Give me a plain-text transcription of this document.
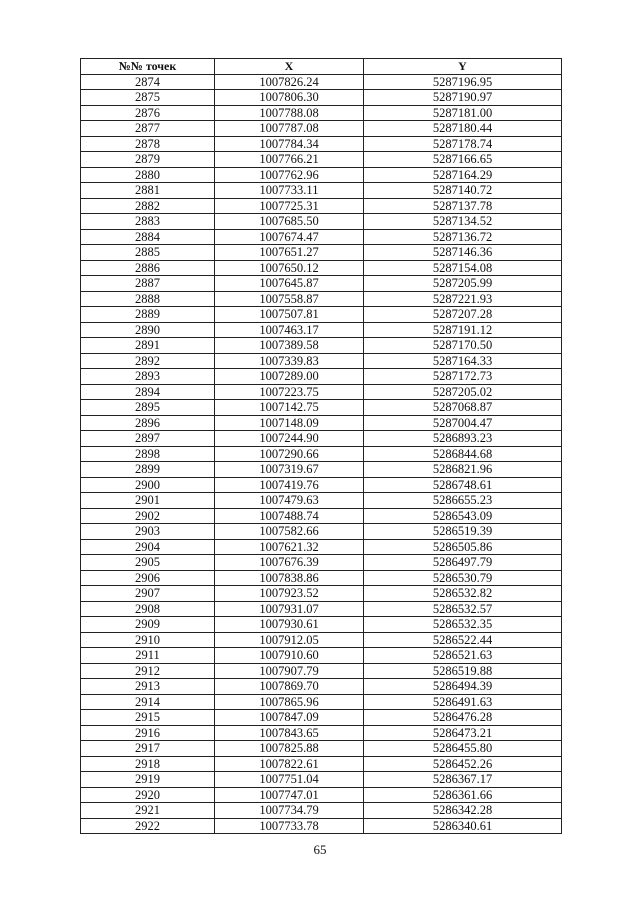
№№ точек	X	Y
2874	1007826.24	5287196.95
2875	1007806.30	5287190.97
2876	1007788.08	5287181.00
2877	1007787.08	5287180.44
2878	1007784.34	5287178.74
2879	1007766.21	5287166.65
2880	1007762.96	5287164.29
2881	1007733.11	5287140.72
2882	1007725.31	5287137.78
2883	1007685.50	5287134.52
2884	1007674.47	5287136.72
2885	1007651.27	5287146.36
2886	1007650.12	5287154.08
2887	1007645.87	5287205.99
2888	1007558.87	5287221.93
2889	1007507.81	5287207.28
2890	1007463.17	5287191.12
2891	1007389.58	5287170.50
2892	1007339.83	5287164.33
2893	1007289.00	5287172.73
2894	1007223.75	5287205.02
2895	1007142.75	5287068.87
2896	1007148.09	5287004.47
2897	1007244.90	5286893.23
2898	1007290.66	5286844.68
2899	1007319.67	5286821.96
2900	1007419.76	5286748.61
2901	1007479.63	5286655.23
2902	1007488.74	5286543.09
2903	1007582.66	5286519.39
2904	1007621.32	5286505.86
2905	1007676.39	5286497.79
2906	1007838.86	5286530.79
2907	1007923.52	5286532.82
2908	1007931.07	5286532.57
2909	1007930.61	5286532.35
2910	1007912.05	5286522.44
2911	1007910.60	5286521.63
2912	1007907.79	5286519.88
2913	1007869.70	5286494.39
2914	1007865.96	5286491.63
2915	1007847.09	5286476.28
2916	1007843.65	5286473.21
2917	1007825.88	5286455.80
2918	1007822.61	5286452.26
2919	1007751.04	5286367.17
2920	1007747.01	5286361.66
2921	1007734.79	5286342.28
2922	1007733.78	5286340.61
65
